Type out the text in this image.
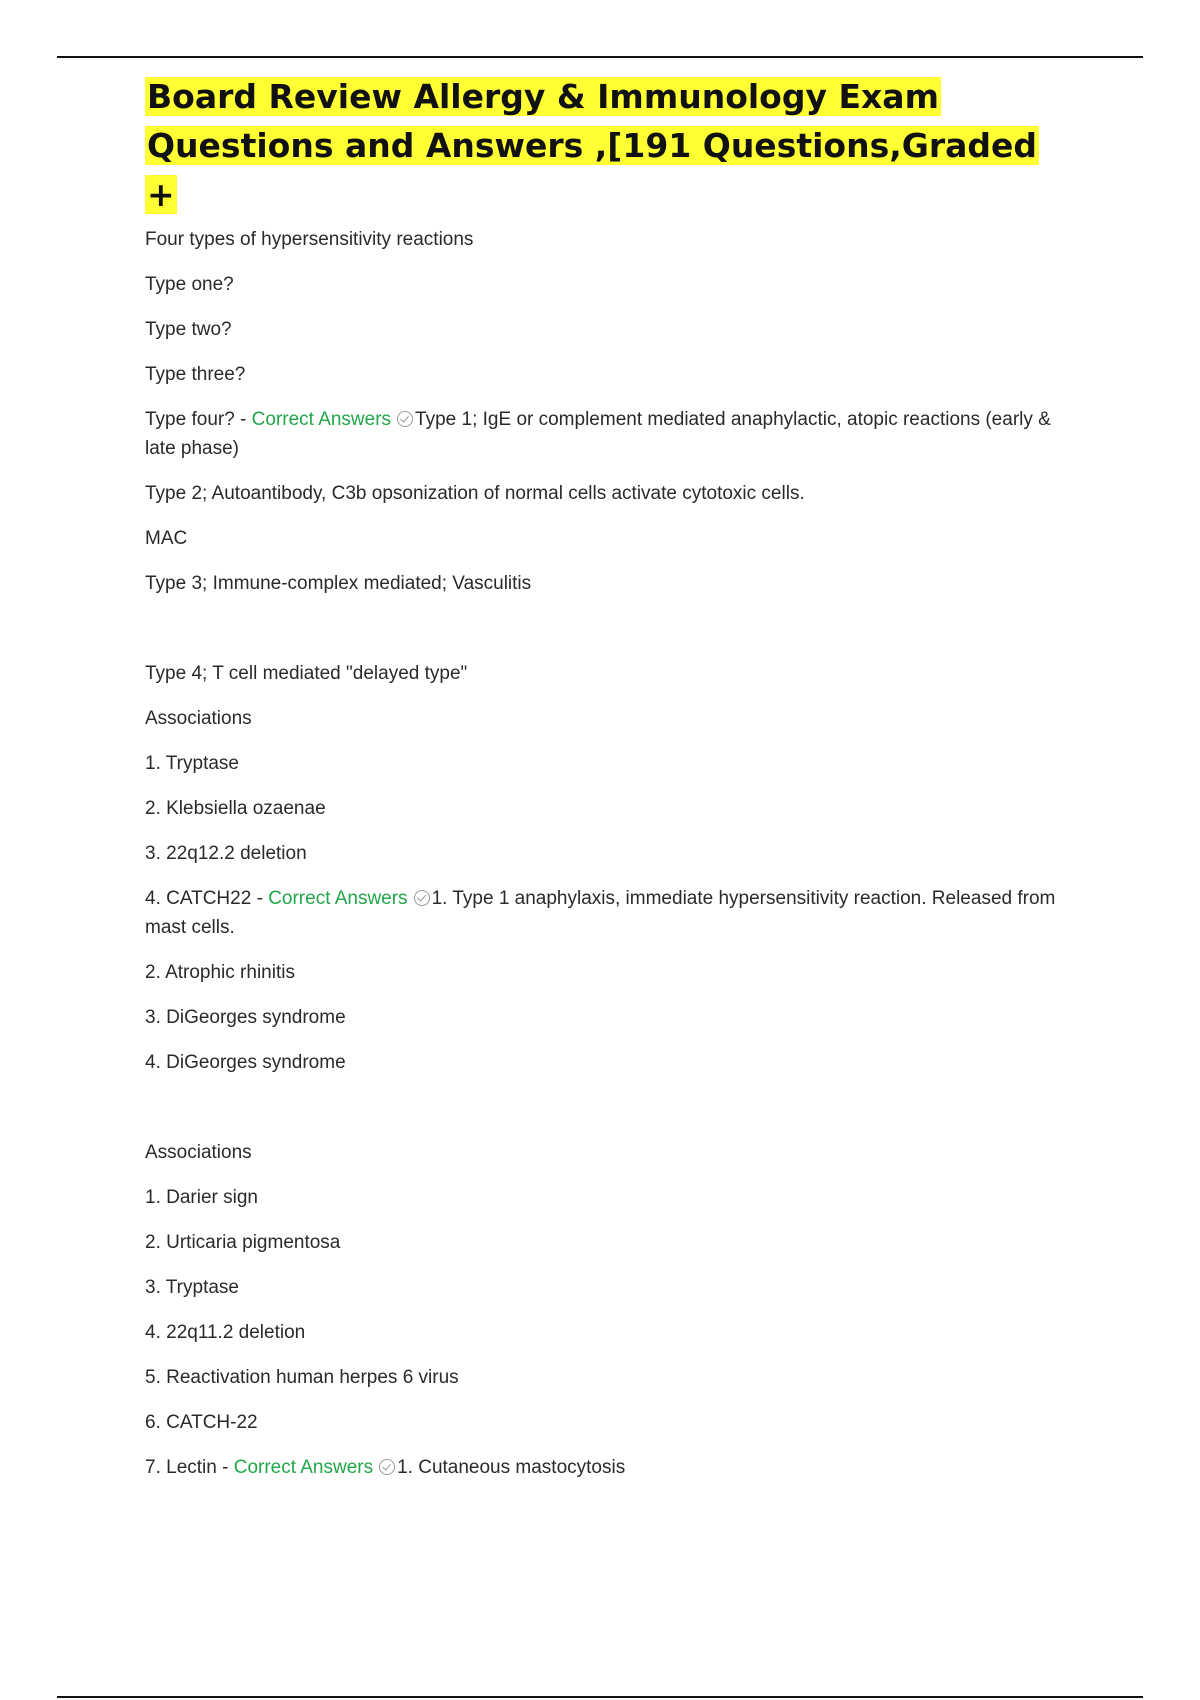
Board Review Allergy & Immunology Exam Questions and Answers ,[191 Questions,Graded +

Four types of hypersensitivity reactions

Type one?

Type two?

Type three?

Type four? - Correct Answers Type 1; IgE or complement mediated anaphylactic, atopic reactions (early & late phase)

Type 2; Autoantibody, C3b opsonization of normal cells activate cytotoxic cells.

MAC

Type 3; Immune-complex mediated; Vasculitis

Type 4; T cell mediated "delayed type"

Associations

1. Tryptase

2. Klebsiella ozaenae

3. 22q12.2 deletion

4. CATCH22 - Correct Answers 1. Type 1 anaphylaxis, immediate hypersensitivity reaction. Released from mast cells.

2. Atrophic rhinitis

3. DiGeorges syndrome

4. DiGeorges syndrome

Associations

1. Darier sign

2. Urticaria pigmentosa

3. Tryptase

4. 22q11.2 deletion

5. Reactivation human herpes 6 virus

6. CATCH-22

7. Lectin - Correct Answers 1. Cutaneous mastocytosis
